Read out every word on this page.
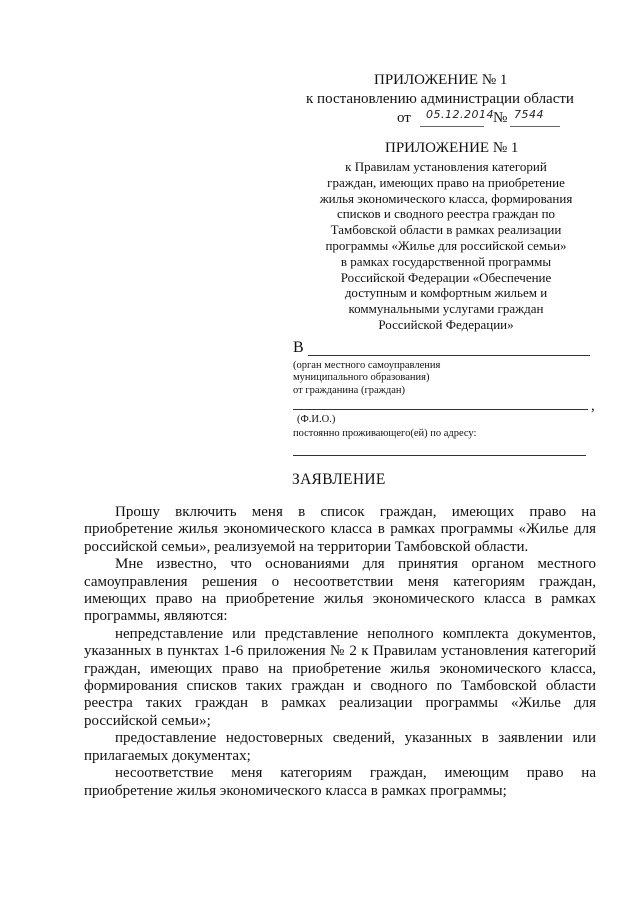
ПРИЛОЖЕНИЕ № 1
к постановлению администрации области
от 05.12.2014 № 7544
ПРИЛОЖЕНИЕ № 1
к Правилам установления категорий
граждан, имеющих право на приобретение
жилья экономического класса, формирования
списков и сводного реестра граждан по
Тамбовской области в рамках реализации
программы «Жилье для российской семьи»
в рамках государственной программы
Российской Федерации «Обеспечение
доступным и комфортным жильем и
коммунальными услугами граждан
Российской Федерации»
В
(орган местного самоуправления
муниципального образования)
от гражданина (граждан)
,
(Ф.И.О.)
постоянно проживающего(ей) по адресу:
ЗАЯВЛЕНИЕ

Прошу включить меня в список граждан, имеющих право на приобретение жилья экономического класса в рамках программы «Жилье для российской семьи», реализуемой на территории Тамбовской области.

Мне известно, что основаниями для принятия органом местного самоуправления решения о несоответствии меня категориям граждан, имеющих право на приобретение жилья экономического класса в рамках программы, являются:

непредставление или представление неполного комплекта документов, указанных в пунктах 1-6 приложения № 2 к Правилам установления категорий граждан, имеющих право на приобретение жилья экономического класса, формирования списков таких граждан и сводного по Тамбовской области реестра таких граждан в рамках реализации программы «Жилье для российской семьи»;

предоставление недостоверных сведений, указанных в заявлении или прилагаемых документах;

несоответствие меня категориям граждан, имеющим право на приобретение жилья экономического класса в рамках программы;
